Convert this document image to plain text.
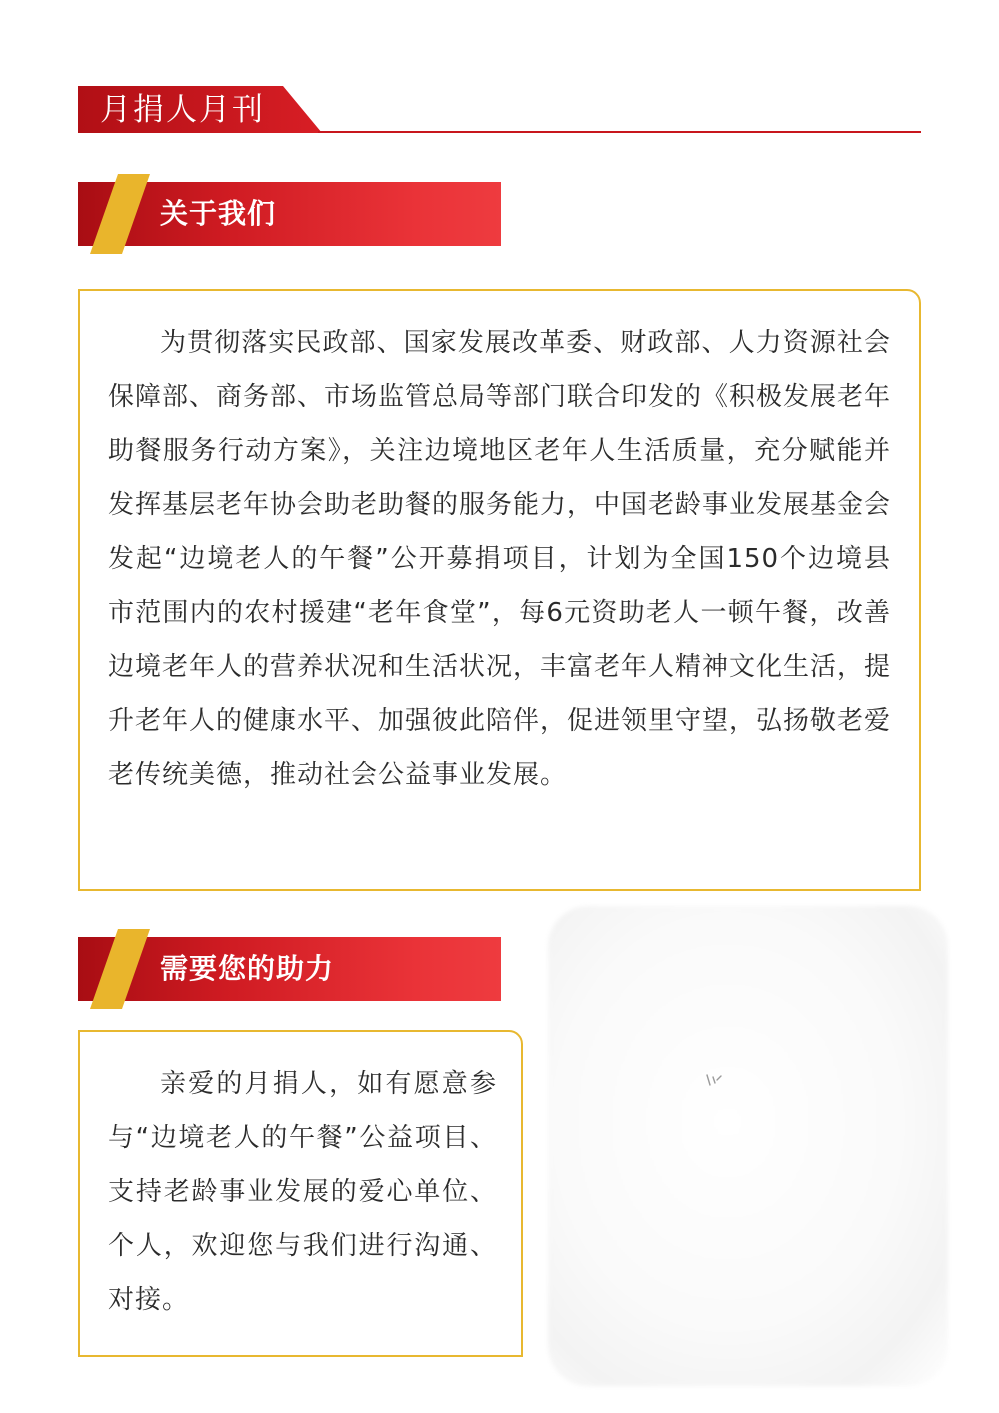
月捐人月刊
关于我们
为贯彻落实民政部、国家发展改革委、财政部、人力资源社会保障部、商务部、市场监管总局等部门联合印发的《积极发展老年助餐服务行动方案》，关注边境地区老年人生活质量，充分赋能并发挥基层老年协会助老助餐的服务能力，中国老龄事业发展基金会发起“边境老人的午餐”公开募捐项目，计划为全国150个边境县市范围内的农村援建“老年食堂”，每6元资助老人一顿午餐，改善边境老年人的营养状况和生活状况，丰富老年人精神文化生活，提升老年人的健康水平、加强彼此陪伴，促进领里守望，弘扬敬老爱老传统美德，推动社会公益事业发展。
需要您的助力
亲爱的月捐人，如有愿意参与“边境老人的午餐”公益项目、支持老龄事业发展的爱心单位、个人，欢迎您与我们进行沟通、对接。
